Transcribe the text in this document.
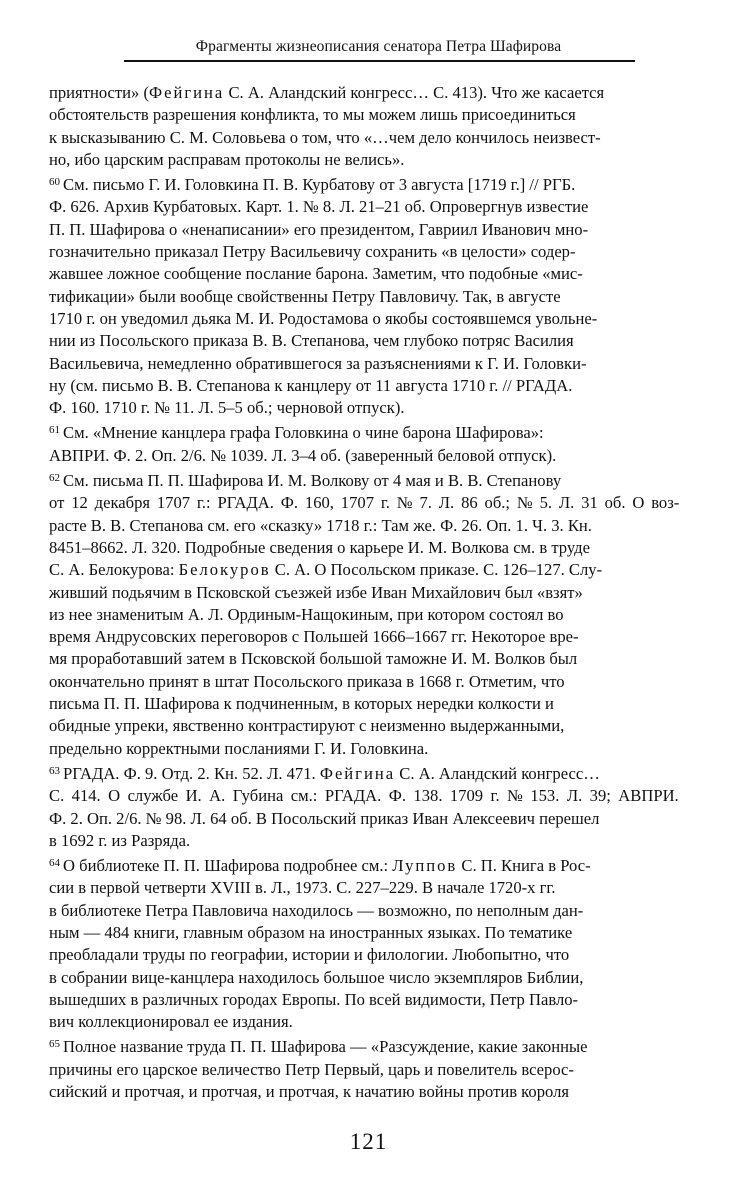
Фрагменты жизнеописания сенатора Петра Шафирова
приятности» (Фейгина С. А. Аландский конгресс… С. 413). Что же касается
обстоятельств разрешения конфликта, то мы можем лишь присоединиться
к высказыванию С. М. Соловьева о том, что «…чем дело кончилось неизвест-
но, ибо царским расправам протоколы не велись».
$^{60}$ См. письмо Г. И. Головкина П. В. Курбатову от 3 августа [1719 г.] // РГБ.
Ф. 626. Архив Курбатовых. Карт. 1. № 8. Л. 21–21 об. Опровергнув известие
П. П. Шафирова о «ненаписании» его президентом, Гавриил Иванович мно-
гозначительно приказал Петру Васильевичу сохранить «в целости» содер-
жавшее ложное сообщение послание барона. Заметим, что подобные «мис-
тификации» были вообще свойственны Петру Павловичу. Так, в августе
1710 г. он уведомил дьяка М. И. Родостамова о якобы состоявшемся увольне-
нии из Посольского приказа В. В. Степанова, чем глубоко потряс Василия
Васильевича, немедленно обратившегося за разъяснениями к Г. И. Головки-
ну (см. письмо В. В. Степанова к канцлеру от 11 августа 1710 г. // РГАДА.
Ф. 160. 1710 г. № 11. Л. 5–5 об.; черновой отпуск).
$^{61}$ См. «Мнение канцлера графа Головкина о чине барона Шафирова»:
АВПРИ. Ф. 2. Оп. 2/6. № 1039. Л. 3–4 об. (заверенный беловой отпуск).
$^{62}$ См. письма П. П. Шафирова И. М. Волкову от 4 мая и В. В. Степанову
от 12 декабря 1707 г.: РГАДА. Ф. 160, 1707 г. № 7. Л. 86 об.; № 5. Л. 31 об. О воз-
расте В. В. Степанова см. его «сказку» 1718 г.: Там же. Ф. 26. Оп. 1. Ч. 3. Кн.
8451–8662. Л. 320. Подробные сведения о карьере И. М. Волкова см. в труде
С. А. Белокурова: Белокуров С. А. О Посольском приказе. С. 126–127. Слу-
живший подьячим в Псковской съезжей избе Иван Михайлович был «взят»
из нее знаменитым А. Л. Ординым-Нащокиным, при котором состоял во
время Андрусовских переговоров с Польшей 1666–1667 гг. Некоторое вре-
мя проработавший затем в Псковской большой таможне И. М. Волков был
окончательно принят в штат Посольского приказа в 1668 г. Отметим, что
письма П. П. Шафирова к подчиненным, в которых нередки колкости и
обидные упреки, явственно контрастируют с неизменно выдержанными,
предельно корректными посланиями Г. И. Головкина.
$^{63}$ РГАДА. Ф. 9. Отд. 2. Кн. 52. Л. 471. Фейгина С. А. Аландский конгресс…
С. 414. О службе И. А. Губина см.: РГАДА. Ф. 138. 1709 г. № 153. Л. 39; АВПРИ.
Ф. 2. Оп. 2/6. № 98. Л. 64 об. В Посольский приказ Иван Алексеевич перешел
в 1692 г. из Разряда.
$^{64}$ О библиотеке П. П. Шафирова подробнее см.: Луппов С. П. Книга в Рос-
сии в первой четверти XVIII в. Л., 1973. С. 227–229. В начале 1720-х гг.
в библиотеке Петра Павловича находилось — возможно, по неполным дан-
ным — 484 книги, главным образом на иностранных языках. По тематике
преобладали труды по географии, истории и филологии. Любопытно, что
в собрании вице-канцлера находилось большое число экземпляров Библии,
вышедших в различных городах Европы. По всей видимости, Петр Павло-
вич коллекционировал ее издания.
$^{65}$ Полное название труда П. П. Шафирова — «Разсуждение, какие законные
причины его царское величество Петр Первый, царь и повелитель всерос-
сийский и протчая, и протчая, и протчая, к начатию войны против короля
121
